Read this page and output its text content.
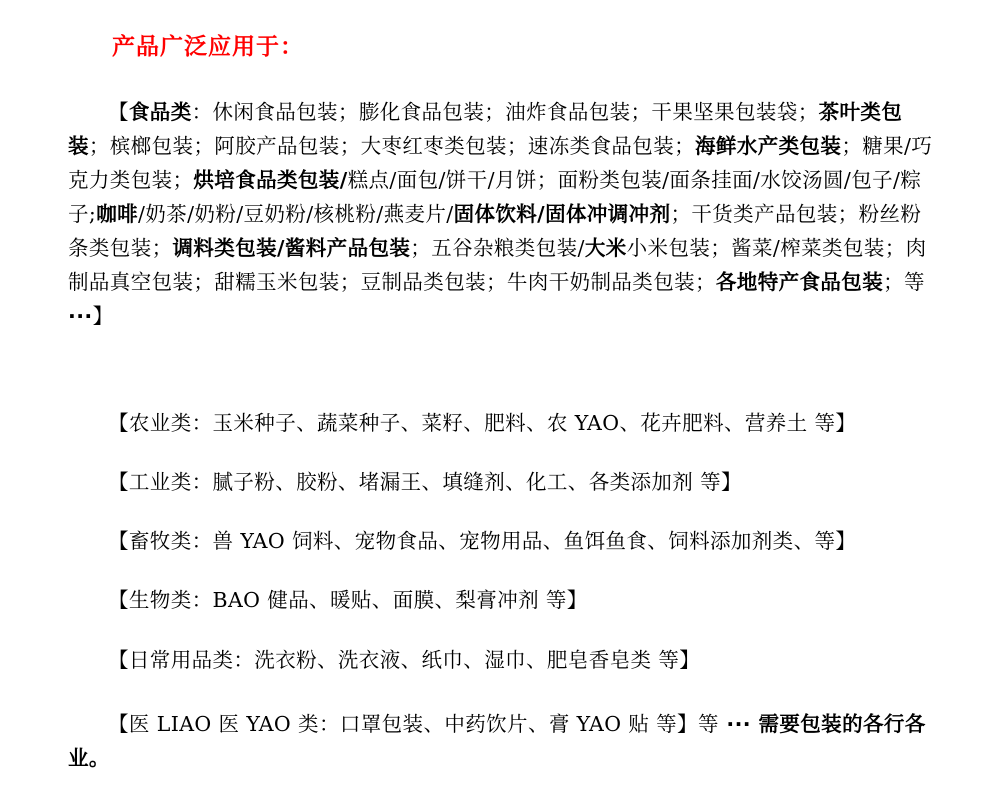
产品广泛应用于：
【食品类：休闲食品包装；膨化食品包装；油炸食品包装；干果坚果包装袋；茶叶类包装；槟榔包装；阿胶产品包装；大枣红枣类包装；速冻类食品包装；海鲜水产类包装；糖果/巧克力类包装；烘培食品类包装/糕点/面包/饼干/月饼；面粉类包装/面条挂面/水饺汤圆/包子/粽子;咖啡/奶茶/奶粉/豆奶粉/核桃粉/燕麦片/固体饮料/固体冲调冲剂；干货类产品包装；粉丝粉条类包装；调料类包装/酱料产品包装；五谷杂粮类包装/大米小米包装；酱菜/榨菜类包装；肉制品真空包装；甜糯玉米包装；豆制品类包装；牛肉干奶制品类包装；各地特产食品包装；等 ···】
【农业类：玉米种子、蔬菜种子、菜籽、肥料、农 YAO、花卉肥料、营养土 等】
【工业类：腻子粉、胶粉、堵漏王、填缝剂、化工、各类添加剂 等】
【畜牧类：兽 YAO 饲料、宠物食品、宠物用品、鱼饵鱼食、饲料添加剂类、等】
【生物类：BAO 健品、暖贴、面膜、梨膏冲剂 等】
【日常用品类：洗衣粉、洗衣液、纸巾、湿巾、肥皂香皂类 等】
【医 LIAO 医 YAO 类：口罩包装、中药饮片、膏 YAO 贴 等】等 ··· 需要包装的各行各业。
